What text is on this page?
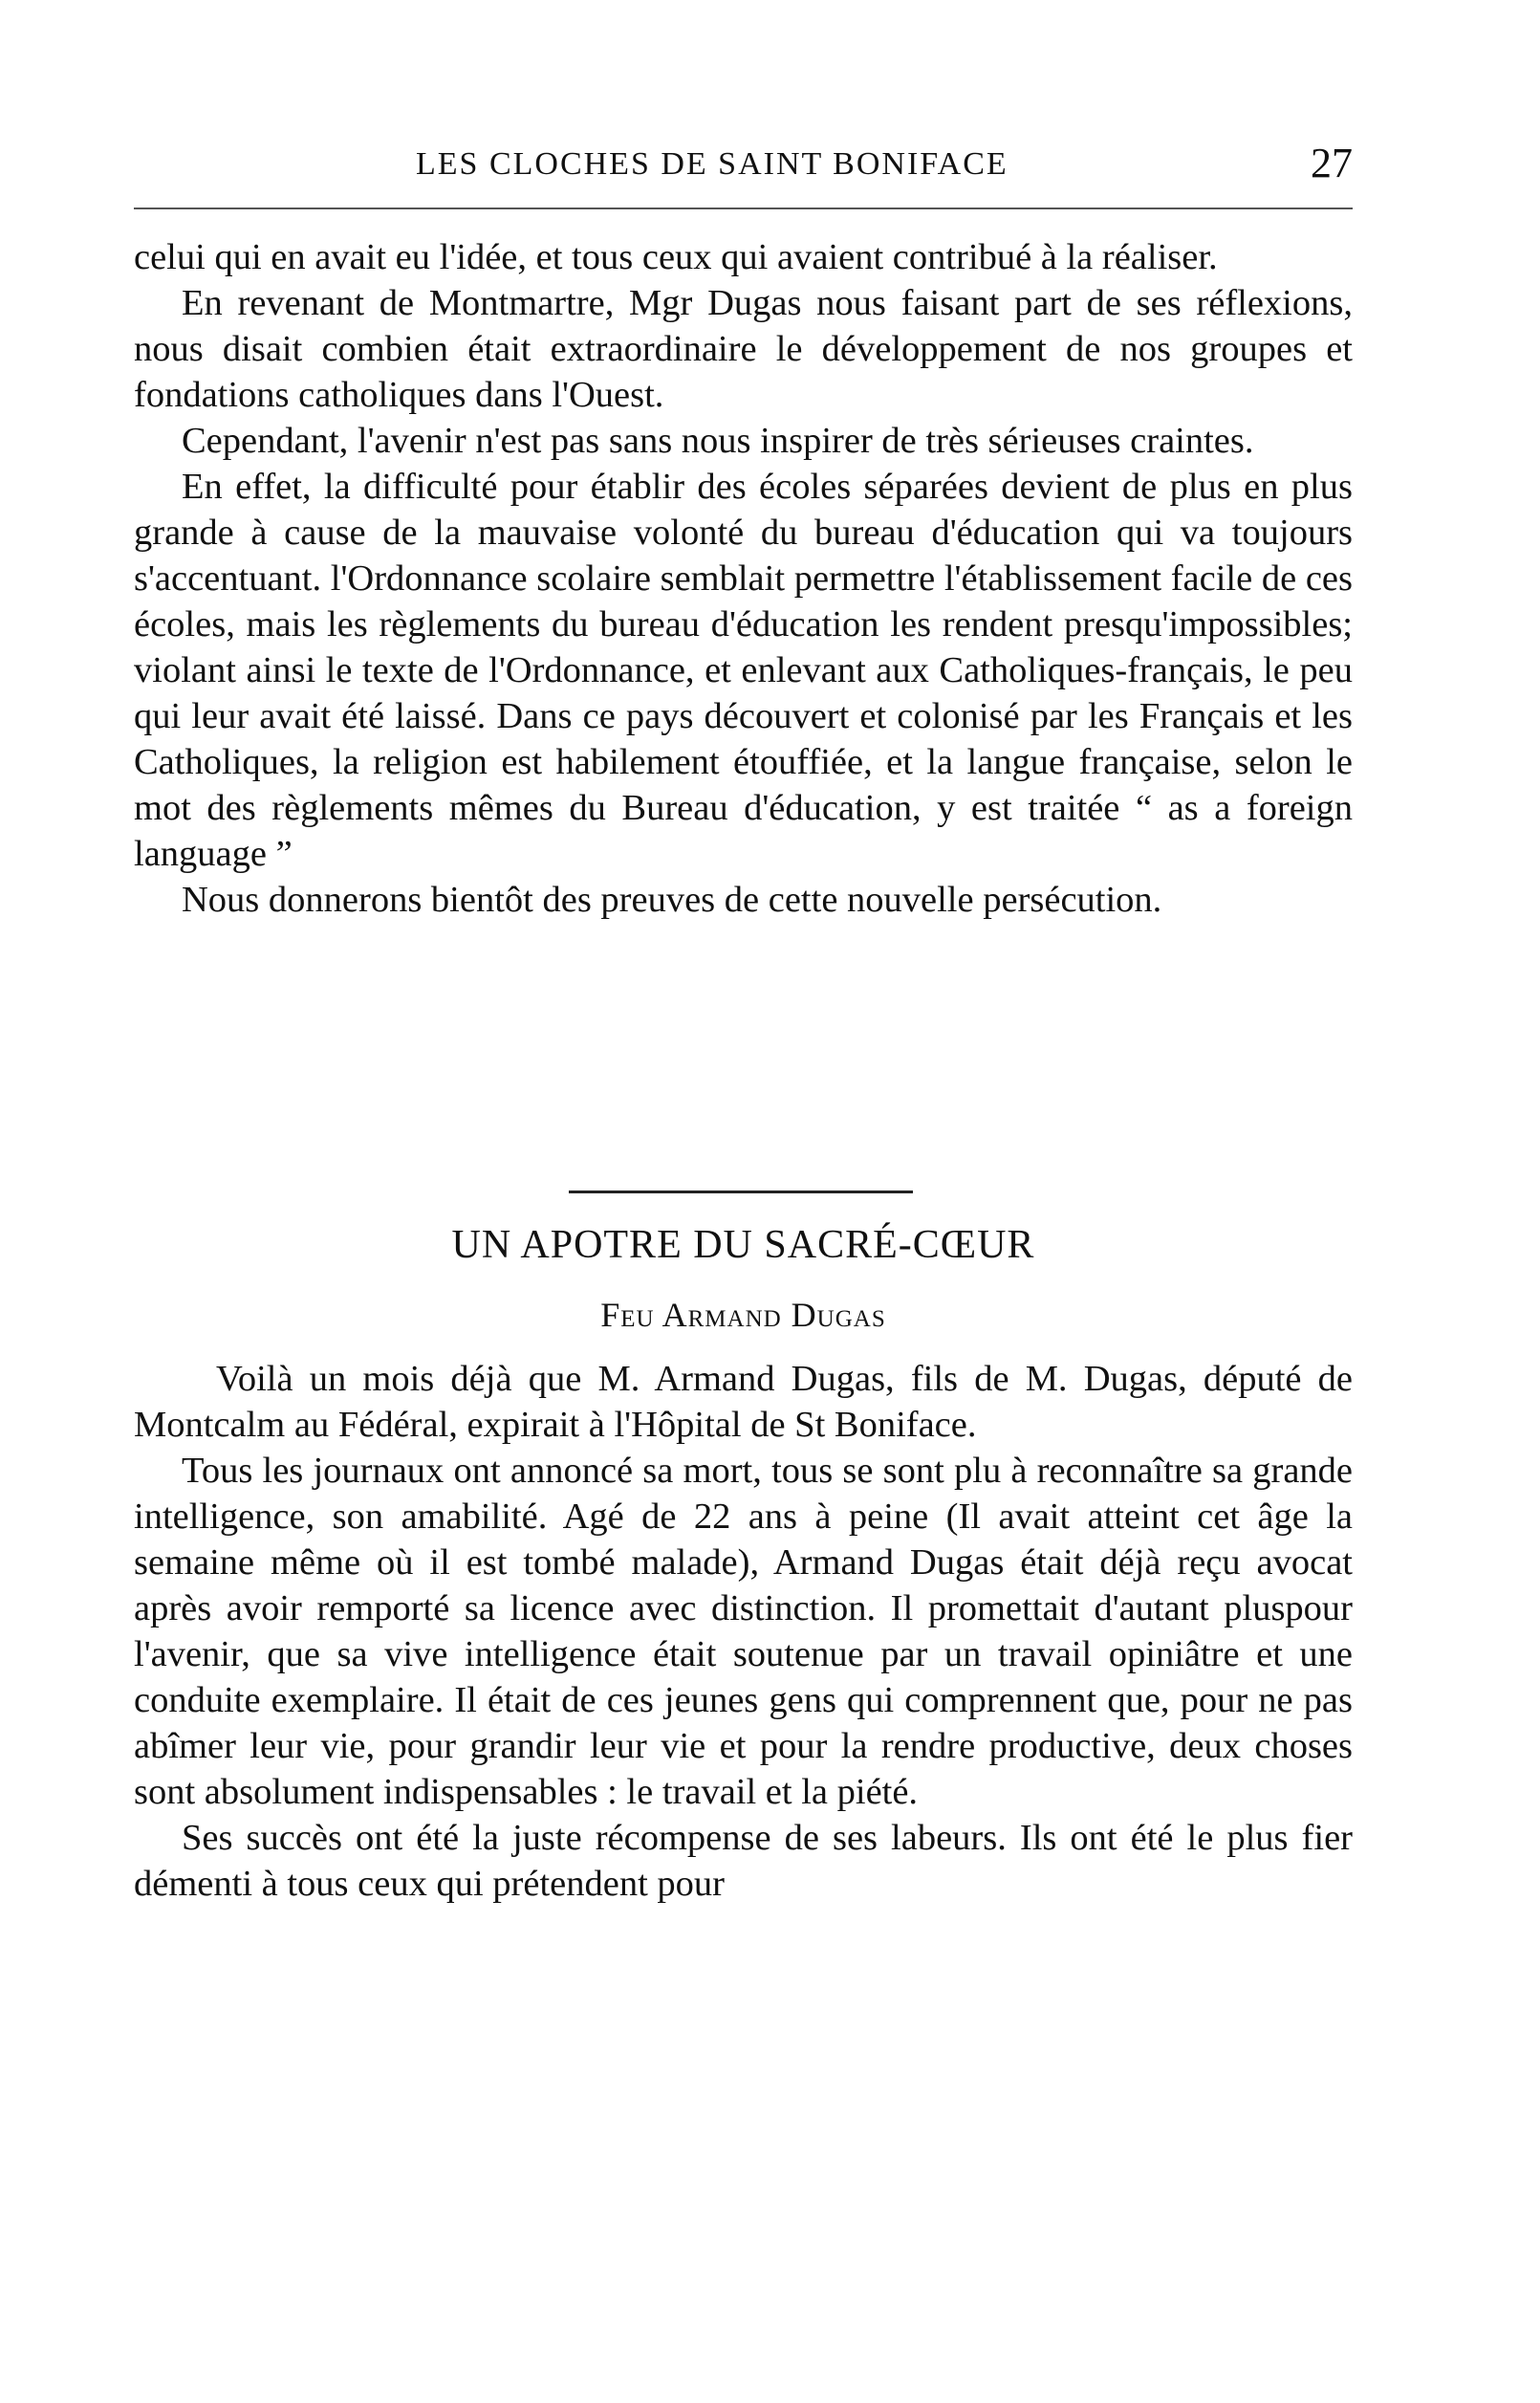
LES CLOCHES DE SAINT BONIFACE	27

celui qui en avait eu l'idée, et tous ceux qui avaient contribué à la réaliser.

En revenant de Montmartre, Mgr Dugas nous faisant part de ses réflexions, nous disait combien était extraordinaire le développement de nos groupes et fondations catholiques dans l'Ouest.

Cependant, l'avenir n'est pas sans nous inspirer de très sérieuses craintes.

En effet, la difficulté pour établir des écoles séparées devient de plus en plus grande à cause de la mauvaise volonté du bureau d'éducation qui va toujours s'accentuant. l'Ordonnance scolaire semblait permettre l'établissement facile de ces écoles, mais les règlements du bureau d'éducation les rendent presqu'impossibles; violant ainsi le texte de l'Ordonnance, et enlevant aux Catholiques-français, le peu qui leur avait été laissé. Dans ce pays découvert et colonisé par les Français et les Catholiques, la religion est habilement étouffiée, et la langue française, selon le mot des règlements mêmes du Bureau d'éducation, y est traitée “ as a foreign language ”

Nous donnerons bientôt des preuves de cette nouvelle persécution.

UN APOTRE DU SACRÉ-CŒUR
Feu Armand Dugas

Voilà un mois déjà que M. Armand Dugas, fils de M. Dugas, député de Montcalm au Fédéral, expirait à l'Hôpital de St Boniface.

Tous les journaux ont annoncé sa mort, tous se sont plu à reconnaître sa grande intelligence, son amabilité. Agé de 22 ans à peine (Il avait atteint cet âge la semaine même où il est tombé malade), Armand Dugas était déjà reçu avocat après avoir remporté sa licence avec distinction. Il promettait d'autant pluspour l'avenir, que sa vive intelligence était soutenue par un travail opiniâtre et une conduite exemplaire. Il était de ces jeunes gens qui comprennent que, pour ne pas abîmer leur vie, pour grandir leur vie et pour la rendre productive, deux choses sont absolument indispensables : le travail et la piété.

Ses succès ont été la juste récompense de ses labeurs. Ils ont été le plus fier démenti à tous ceux qui prétendent pour
